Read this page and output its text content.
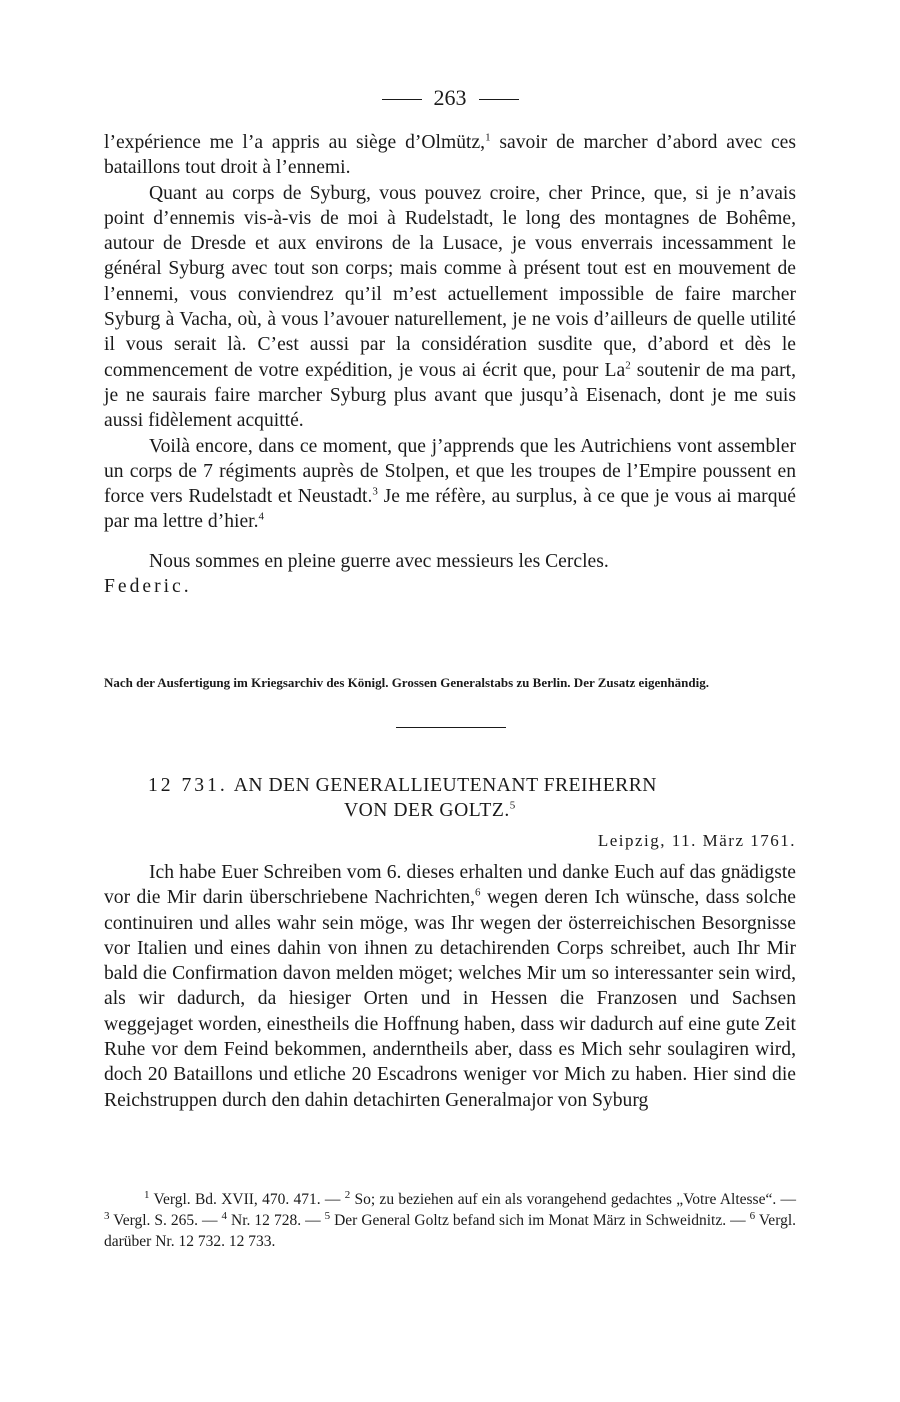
263

l’expérience me l’a appris au siège d’Olmütz,$^1$ savoir de marcher d’abord avec ces bataillons tout droit à l’ennemi.

Quant au corps de Syburg, vous pouvez croire, cher Prince, que, si je n’avais point d’ennemis vis-à-vis de moi à Rudelstadt, le long des montagnes de Bohême, autour de Dresde et aux environs de la Lusace, je vous enverrais incessamment le général Syburg avec tout son corps; mais comme à présent tout est en mouvement de l’ennemi, vous conviendrez qu’il m’est actuellement impossible de faire marcher Syburg à Vacha, où, à vous l’avouer naturellement, je ne vois d’ailleurs de quelle utilité il vous serait là. C’est aussi par la considération susdite que, d’abord et dès le commencement de votre expédition, je vous ai écrit que, pour La$^2$ soutenir de ma part, je ne saurais faire marcher Syburg plus avant que jusqu’à Eisenach, dont je me suis aussi fidèlement acquitté.

Voilà encore, dans ce moment, que j’apprends que les Autrichiens vont assembler un corps de 7 régiments auprès de Stolpen, et que les troupes de l’Empire poussent en force vers Rudelstadt et Neustadt.$^3$ Je me réfère, au surplus, à ce que je vous ai marqué par ma lettre d’hier.$^4$

Nous sommes en pleine guerre avec messieurs les Cercles.

Federic.

Nach der Ausfertigung im Kriegsarchiv des Königl. Grossen Generalstabs zu Berlin. Der Zusatz eigenhändig.
12 731. AN DEN GENERALLIEUTENANT FREIHERRN
VON DER GOLTZ.$^5$
Leipzig, 11. März 1761.

Ich habe Euer Schreiben vom 6. dieses erhalten und danke Euch auf das gnädigste vor die Mir darin überschriebene Nachrichten,$^6$ wegen deren Ich wünsche, dass solche continuiren und alles wahr sein möge, was Ihr wegen der österreichischen Besorgnisse vor Italien und eines dahin von ihnen zu detachirenden Corps schreibet, auch Ihr Mir bald die Confirmation davon melden möget; welches Mir um so interessanter sein wird, als wir dadurch, da hiesiger Orten und in Hessen die Franzosen und Sachsen weggejaget worden, einestheils die Hoffnung haben, dass wir dadurch auf eine gute Zeit Ruhe vor dem Feind bekommen, anderntheils aber, dass es Mich sehr soulagiren wird, doch 20 Bataillons und etliche 20 Escadrons weniger vor Mich zu haben. Hier sind die Reichstruppen durch den dahin detachirten Generalmajor von Syburg

$^1$ Vergl. Bd. XVII, 470. 471. — $^2$ So; zu beziehen auf ein als vorangehend gedachtes „Votre Altesse“. — $^3$ Vergl. S. 265. — $^4$ Nr. 12 728. — $^5$ Der General Goltz befand sich im Monat März in Schweidnitz. — $^6$ Vergl. darüber Nr. 12 732. 12 733.
